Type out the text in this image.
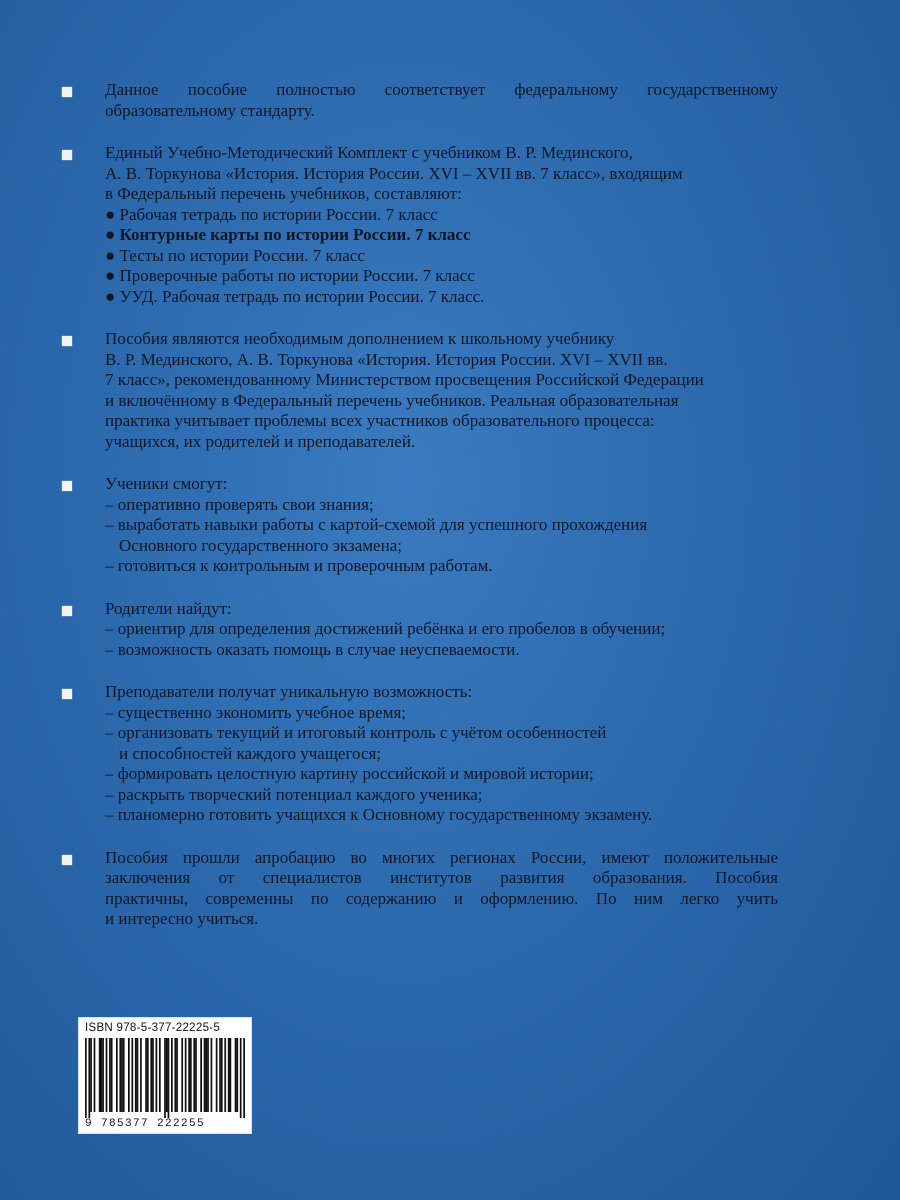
Данное пособие полностью соответствует федеральному государственному
образовательному стандарту.
Единый Учебно-Методический Комплект с учебником В. Р. Мединского,
А. В. Торкунова «История. История России. XVI – XVII вв. 7 класс», входящим
в Федеральный перечень учебников, составляют:
● Рабочая тетрадь по истории России. 7 класс
● Контурные карты по истории России. 7 класс
● Тесты по истории России. 7 класс
● Проверочные работы по истории России. 7 класс
● УУД. Рабочая тетрадь по истории России. 7 класс.
Пособия являются необходимым дополнением к школьному учебнику
В. Р. Мединского, А. В. Торкунова «История. История России. XVI – XVII вв.
7 класс», рекомендованному Министерством просвещения Российской Федерации
и включённому в Федеральный перечень учебников. Реальная образовательная
практика учитывает проблемы всех участников образовательного процесса:
учащихся, их родителей и преподавателей.
Ученики смогут:
– оперативно проверять свои знания;
– выработать навыки работы с картой-схемой для успешного прохождения
Основного государственного экзамена;
– готовиться к контрольным и проверочным работам.
Родители найдут:
– ориентир для определения достижений ребёнка и его пробелов в обучении;
– возможность оказать помощь в случае неуспеваемости.
Преподаватели получат уникальную возможность:
– существенно экономить учебное время;
– организовать текущий и итоговый контроль с учётом особенностей
и способностей каждого учащегося;
– формировать целостную картину российской и мировой истории;
– раскрыть творческий потенциал каждого ученика;
– планомерно готовить учащихся к Основному государственному экзамену.
Пособия прошли апробацию во многих регионах России, имеют положительные
заключения от специалистов институтов развития образования. Пособия
практичны, современны по содержанию и оформлению. По ним легко учить
и интересно учиться.
ISBN 978-5-377-22225-5
9 785377 222255
